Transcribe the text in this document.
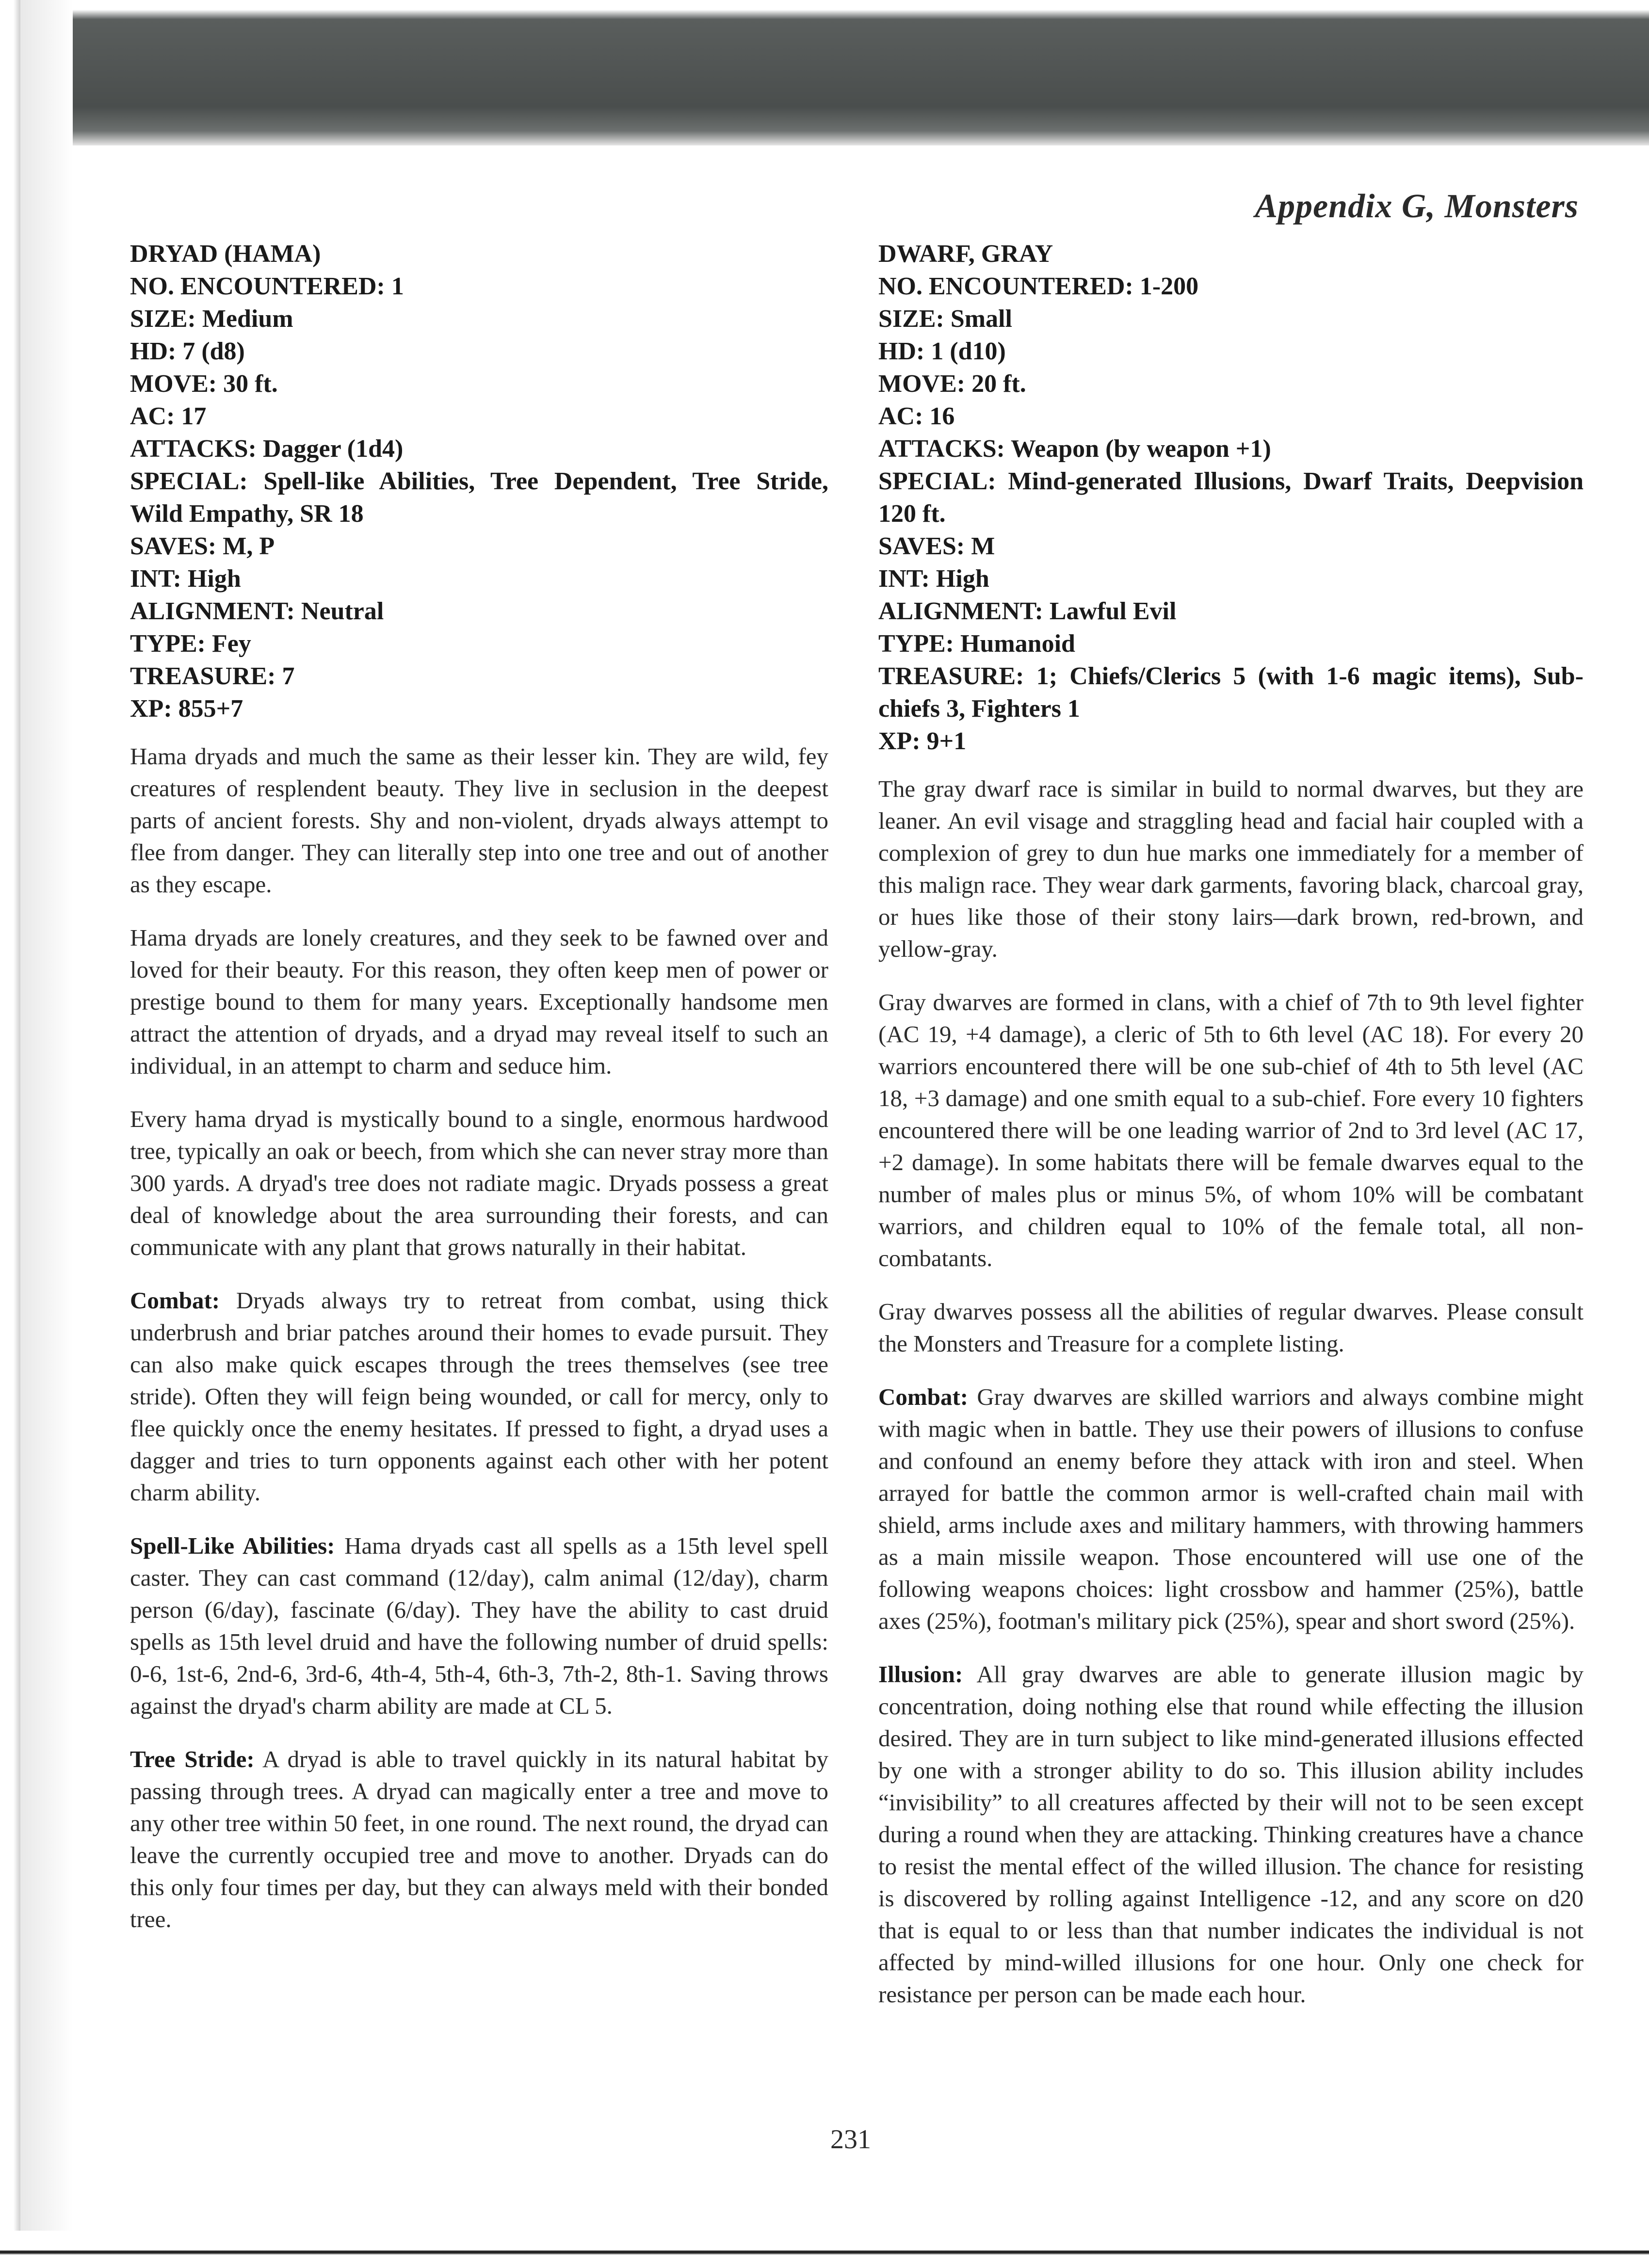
Appendix G, Monsters
DRYAD (HAMA)
NO. ENCOUNTERED: 1
SIZE: Medium
HD: 7 (d8)
MOVE: 30 ft.
AC: 17
ATTACKS: Dagger (1d4)
SPECIAL: Spell-like Abilities, Tree Dependent, Tree Stride, Wild Empathy, SR 18
SAVES: M, P
INT: High
ALIGNMENT: Neutral
TYPE: Fey
TREASURE: 7
XP: 855+7

Hama dryads and much the same as their lesser kin. They are wild, fey creatures of resplendent beauty. They live in seclusion in the deepest parts of ancient forests. Shy and non-violent, dryads always attempt to flee from danger. They can literally step into one tree and out of another as they escape.

Hama dryads are lonely creatures, and they seek to be fawned over and loved for their beauty. For this reason, they often keep men of power or prestige bound to them for many years. Exceptionally handsome men attract the attention of dryads, and a dryad may reveal itself to such an individual, in an attempt to charm and seduce him.

Every hama dryad is mystically bound to a single, enormous hardwood tree, typically an oak or beech, from which she can never stray more than 300 yards. A dryad's tree does not radiate magic. Dryads possess a great deal of knowledge about the area surrounding their forests, and can communicate with any plant that grows naturally in their habitat.

Combat: Dryads always try to retreat from combat, using thick underbrush and briar patches around their homes to evade pursuit. They can also make quick escapes through the trees themselves (see tree stride). Often they will feign being wounded, or call for mercy, only to flee quickly once the enemy hesitates. If pressed to fight, a dryad uses a dagger and tries to turn opponents against each other with her potent charm ability.

Spell-Like Abilities: Hama dryads cast all spells as a 15th level spell caster. They can cast command (12/day), calm animal (12/day), charm person (6/day), fascinate (6/day). They have the ability to cast druid spells as 15th level druid and have the following number of druid spells: 0-6, 1st-6, 2nd-6, 3rd-6, 4th-4, 5th-4, 6th-3, 7th-2, 8th-1. Saving throws against the dryad's charm ability are made at CL 5.

Tree Stride: A dryad is able to travel quickly in its natural habitat by passing through trees. A dryad can magically enter a tree and move to any other tree within 50 feet, in one round. The next round, the dryad can leave the currently occupied tree and move to another. Dryads can do this only four times per day, but they can always meld with their bonded tree.

DWARF, GRAY
NO. ENCOUNTERED: 1-200
SIZE: Small
HD: 1 (d10)
MOVE: 20 ft.
AC: 16
ATTACKS: Weapon (by weapon +1)
SPECIAL: Mind-generated Illusions, Dwarf Traits, Deepvision 120 ft.
SAVES: M
INT: High
ALIGNMENT: Lawful Evil
TYPE: Humanoid
TREASURE: 1; Chiefs/Clerics 5 (with 1-6 magic items), Sub-chiefs 3, Fighters 1
XP: 9+1

The gray dwarf race is similar in build to normal dwarves, but they are leaner. An evil visage and straggling head and facial hair coupled with a complexion of grey to dun hue marks one immediately for a member of this malign race. They wear dark garments, favoring black, charcoal gray, or hues like those of their stony lairs—dark brown, red-brown, and yellow-gray.

Gray dwarves are formed in clans, with a chief of 7th to 9th level fighter (AC 19, +4 damage), a cleric of 5th to 6th level (AC 18). For every 20 warriors encountered there will be one sub-chief of 4th to 5th level (AC 18, +3 damage) and one smith equal to a sub-chief. Fore every 10 fighters encountered there will be one leading warrior of 2nd to 3rd level (AC 17, +2 damage). In some habitats there will be female dwarves equal to the number of males plus or minus 5%, of whom 10% will be combatant warriors, and children equal to 10% of the female total, all non-combatants.

Gray dwarves possess all the abilities of regular dwarves. Please consult the Monsters and Treasure for a complete listing.

Combat: Gray dwarves are skilled warriors and always combine might with magic when in battle. They use their powers of illusions to confuse and confound an enemy before they attack with iron and steel. When arrayed for battle the common armor is well-crafted chain mail with shield, arms include axes and military hammers, with throwing hammers as a main missile weapon. Those encountered will use one of the following weapons choices: light crossbow and hammer (25%), battle axes (25%), footman's military pick (25%), spear and short sword (25%).

Illusion: All gray dwarves are able to generate illusion magic by concentration, doing nothing else that round while effecting the illusion desired. They are in turn subject to like mind-generated illusions effected by one with a stronger ability to do so. This illusion ability includes “invisibility” to all creatures affected by their will not to be seen except during a round when they are attacking. Thinking creatures have a chance to resist the mental effect of the willed illusion. The chance for resisting is discovered by rolling against Intelligence -12, and any score on d20 that is equal to or less than that number indicates the individual is not affected by mind-willed illusions for one hour. Only one check for resistance per person can be made each hour.

231
